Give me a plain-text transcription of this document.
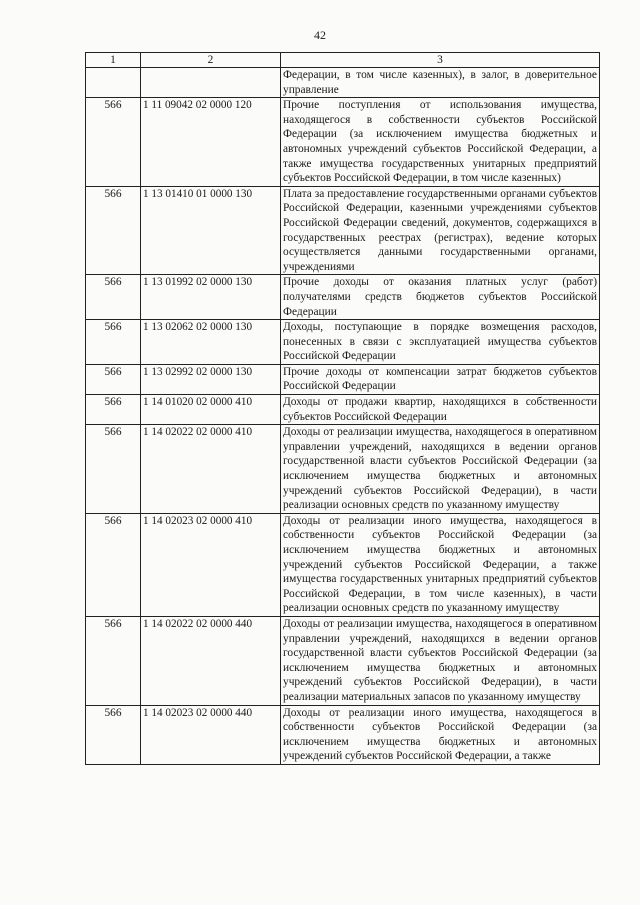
42
1	2	3
		Федерации, в том числе казенных), в залог, в доверительное управление
566	1 11 09042 02 0000 120	Прочие поступления от использования имущества, находящегося в собственности субъектов Российской Федерации (за исключением имущества бюджетных и автономных учреждений субъектов Российской Федерации, а также имущества государственных унитарных предприятий субъектов Российской Федерации, в том числе казенных)
566	1 13 01410 01 0000 130	Плата за предоставление государственными органами субъектов Российской Федерации, казенными учреждениями субъектов Российской Федерации сведений, документов, содержащихся в государственных реестрах (регистрах), ведение которых осуществляется данными государственными органами, учреждениями
566	1 13 01992 02 0000 130	Прочие доходы от оказания платных услуг (работ) получателями средств бюджетов субъектов Российской Федерации
566	1 13 02062 02 0000 130	Доходы, поступающие в порядке возмещения расходов, понесенных в связи с эксплуатацией имущества субъектов Российской Федерации
566	1 13 02992 02 0000 130	Прочие доходы от компенсации затрат бюджетов субъектов Российской Федерации
566	1 14 01020 02 0000 410	Доходы от продажи квартир, находящихся в собственности субъектов Российской Федерации
566	1 14 02022 02 0000 410	Доходы от реализации имущества, находящегося в оперативном управлении учреждений, находящихся в ведении органов государственной власти субъектов Российской Федерации (за исключением имущества бюджетных и автономных учреждений субъектов Российской Федерации), в части реализации основных средств по указанному имуществу
566	1 14 02023 02 0000 410	Доходы от реализации иного имущества, находящегося в собственности субъектов Российской Федерации (за исключением имущества бюджетных и автономных учреждений субъектов Российской Федерации, а также имущества государственных унитарных предприятий субъектов Российской Федерации, в том числе казенных), в части реализации основных средств по указанному имуществу
566	1 14 02022 02 0000 440	Доходы от реализации имущества, находящегося в оперативном управлении учреждений, находящихся в ведении органов государственной власти субъектов Российской Федерации (за исключением имущества бюджетных и автономных учреждений субъектов Российской Федерации), в части реализации материальных запасов по указанному имуществу
566	1 14 02023 02 0000 440	Доходы от реализации иного имущества, находящегося в собственности субъектов Российской Федерации (за исключением имущества бюджетных и автономных учреждений субъектов Российской Федерации, а также
